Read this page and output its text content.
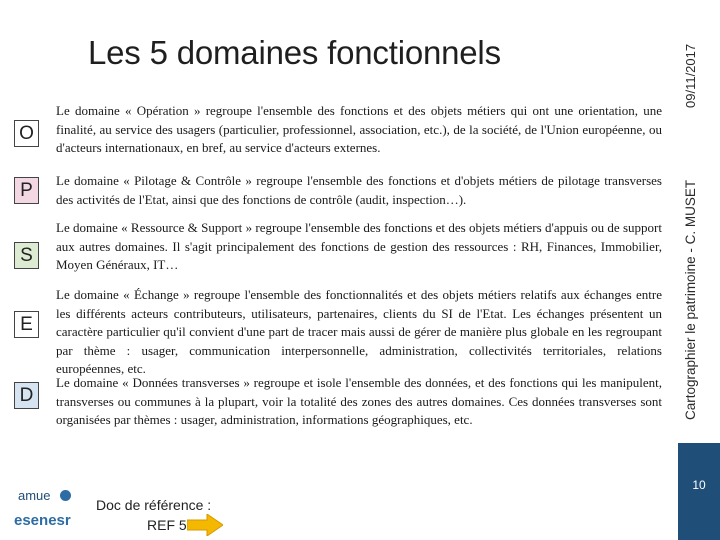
Les 5 domaines fonctionnels	09/11/2017
Cartographier le patrimoine - C. MUSET
10
O
P
S
E
D
Le domaine « Opération » regroupe l'ensemble des fonctions et des objets métiers qui ont une orientation, une finalité, au service des usagers (particulier, professionnel, association, etc.), de la société, de l'Union européenne, ou d'acteurs internationaux, en bref, au service d'acteurs externes.
Le domaine « Pilotage & Contrôle » regroupe l'ensemble des fonctions et d'objets métiers de pilotage transverses des activités de l'Etat, ainsi que des fonctions de contrôle (audit, inspection…).
Le domaine « Ressource & Support » regroupe l'ensemble des fonctions et des objets métiers d'appuis ou de support aux autres domaines. Il s'agit principalement des fonctions de gestion des ressources : RH, Finances, Immobilier, Moyen Généraux, IT…
Le domaine « Échange » regroupe l'ensemble des fonctionnalités et des objets métiers relatifs aux échanges entre les différents acteurs contributeurs, utilisateurs, partenaires, clients du SI de l'Etat. Les échanges présentent un caractère particulier qu'il convient d'une part de tracer mais aussi de gérer de manière plus globale en les regroupant par thème : usager, communication interpersonnelle, administration, collectivités territoriales, relations européennes, etc.
Le domaine « Données transverses » regroupe et isole l'ensemble des données, et des fonctions qui les manipulent, transverses ou communes à la plupart, voir la totalité des zones des autres domaines. Ces données transverses sont organisées par thèmes : usager, administration, informations géographiques, etc.
amue
esenesr
Doc de référence :
REF 5
